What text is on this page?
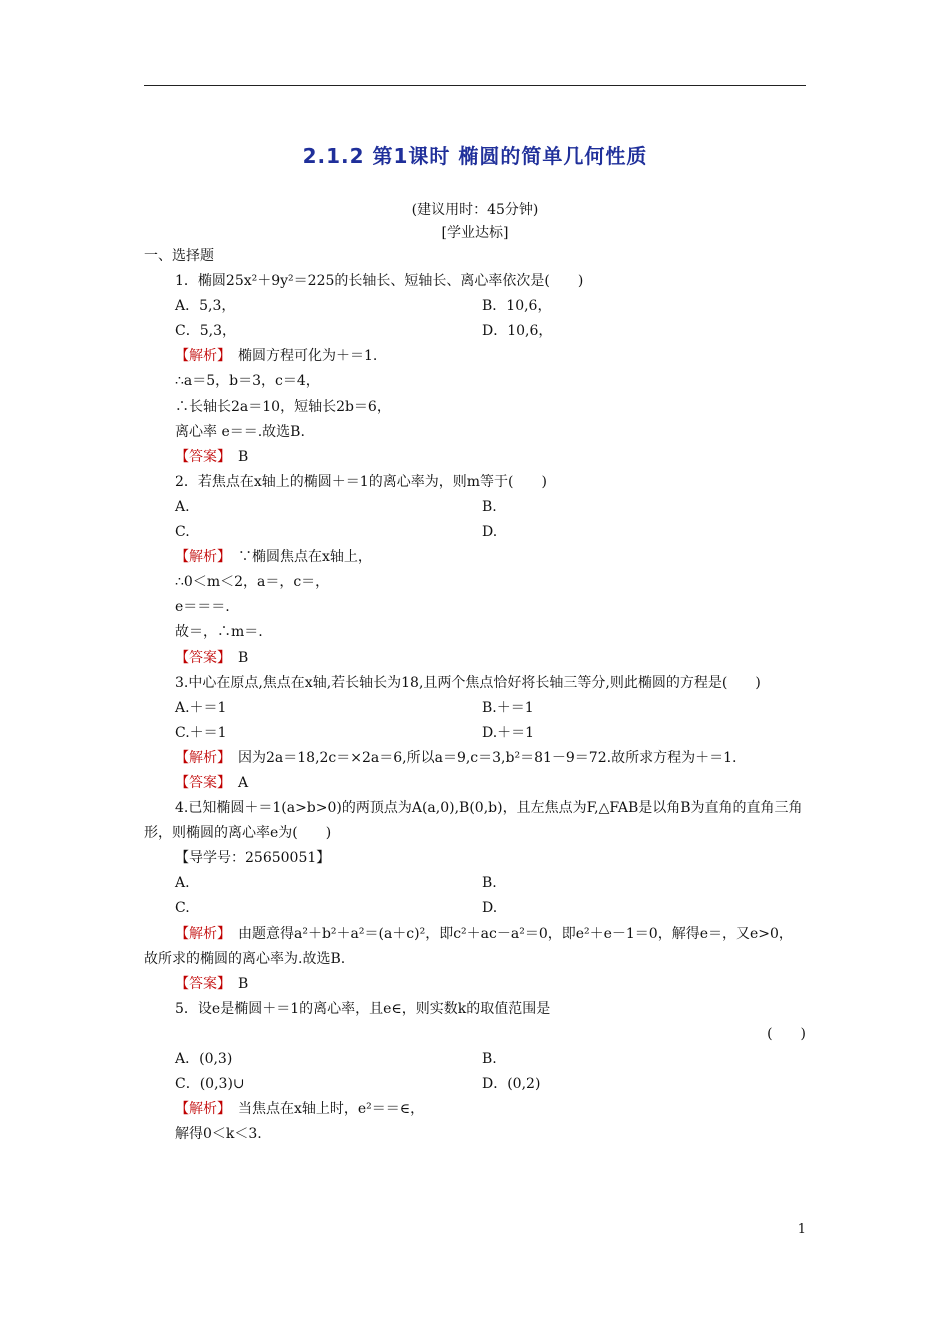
2.1.2 第1课时 椭圆的简单几何性质
(建议用时：45分钟)
[学业达标]
一、选择题
1．椭圆25x²＋9y²＝225的长轴长、短轴长、离心率依次是(　　)
A．5,3，	B．10,6，
C．5,3，	D．10,6，
【解析】　 椭圆方程可化为＋＝1.
∴a＝5，b＝3，c＝4，
∴长轴长2a＝10，短轴长2b＝6，
离心率 e＝＝.故选B.
【答案】　 B
2．若焦点在x轴上的椭圆＋＝1的离心率为，则m等于(　　)
A.	B.
C.	D.
【解析】　 ∵椭圆焦点在x轴上，
∴0＜m＜2，a＝，c＝，
e＝＝＝.
故＝，∴m＝.
【答案】　 B
3.中心在原点,焦点在x轴,若长轴长为18,且两个焦点恰好将长轴三等分,则此椭圆的方程是(　　)
A.＋＝1	B.＋＝1
C.＋＝1	D.＋＝1
【解析】　 因为2a＝18,2c＝×2a＝6,所以a＝9,c＝3,b²＝81－9＝72.故所求方程为＋＝1.
【答案】　 A
4.已知椭圆＋＝1(a>b>0)的两顶点为A(a,0),B(0,b)，且左焦点为F,△FAB是以角B为直角的直角三角形，则椭圆的离心率e为(　　)
【导学号：25650051】
A.	B.
C.	D.
【解析】　 由题意得a²＋b²＋a²＝(a＋c)²，即c²＋ac－a²＝0，即e²＋e－1＝0，解得e＝，又e>0，故所求的椭圆的离心率为.故选B.
【答案】　 B
5．设e是椭圆＋＝1的离心率，且e∈，则实数k的取值范围是
(　　)
A．(0,3)	B.
C．(0,3)∪	D．(0,2)
【解析】　 当焦点在x轴上时，e²＝＝∈，
解得0＜k＜3.
1
